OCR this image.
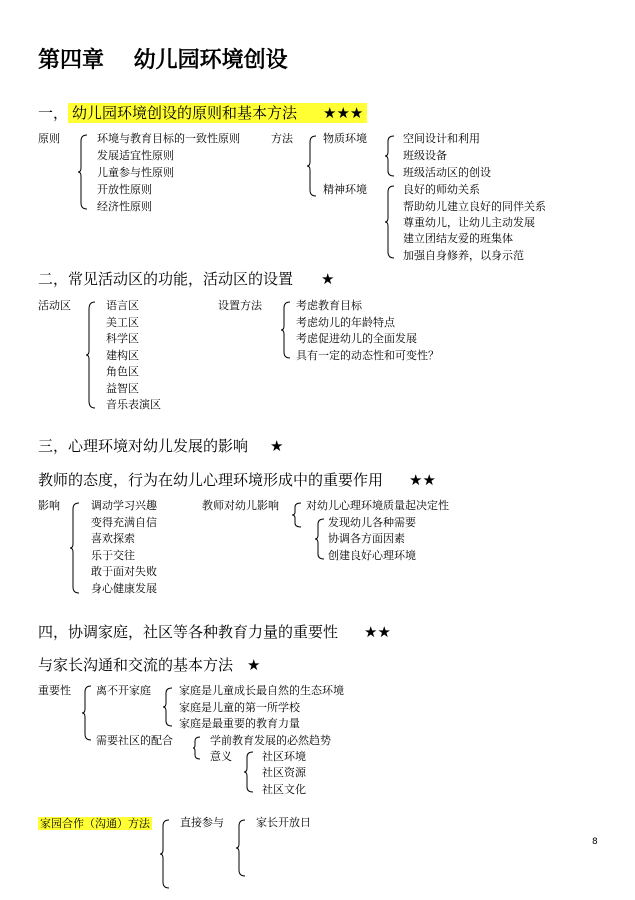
第四章　 幼儿园环境创设
一， 幼儿园环境创设的原则和基本方法 ★★★
原则	环境与教育目标的一致性原则
发展适宜性原则
儿童参与性原则
开放性原则
经济性原则
方法	物质环境	空间设计和利用
班级设备
班级活动区的创设
精神环境	良好的师幼关系
帮助幼儿建立良好的同伴关系
尊重幼儿，让幼儿主动发展
建立团结友爱的班集体
加强自身修养，以身示范
二，常见活动区的功能，活动区的设置 ★
活动区	语言区
美工区
科学区
建构区
角色区
益智区
音乐表演区
设置方法	考虑教育目标
考虑幼儿的年龄特点
考虑促进幼儿的全面发展
具有一定的动态性和可变性？
三，心理环境对幼儿发展的影响 ★
教师的态度，行为在幼儿心理环境形成中的重要作用 ★★
影响	调动学习兴趣
变得充满自信
喜欢探索
乐于交往
敢于面对失败
身心健康发展
教师对幼儿影响 对幼儿心理环境质量起决定性
发现幼儿各种需要
协调各方面因素
创建良好心理环境
四，协调家庭，社区等各种教育力量的重要性 ★★
与家长沟通和交流的基本方法 ★
重要性 离不开家庭	家庭是儿童成长最自然的生态环境
家庭是儿童的第一所学校
家庭是最重要的教育力量
需要社区的配合	学前教育发展的必然趋势
意义	社区环境
社区资源
社区文化
家园合作（沟通）方法	直接参与	家长开放日
8
